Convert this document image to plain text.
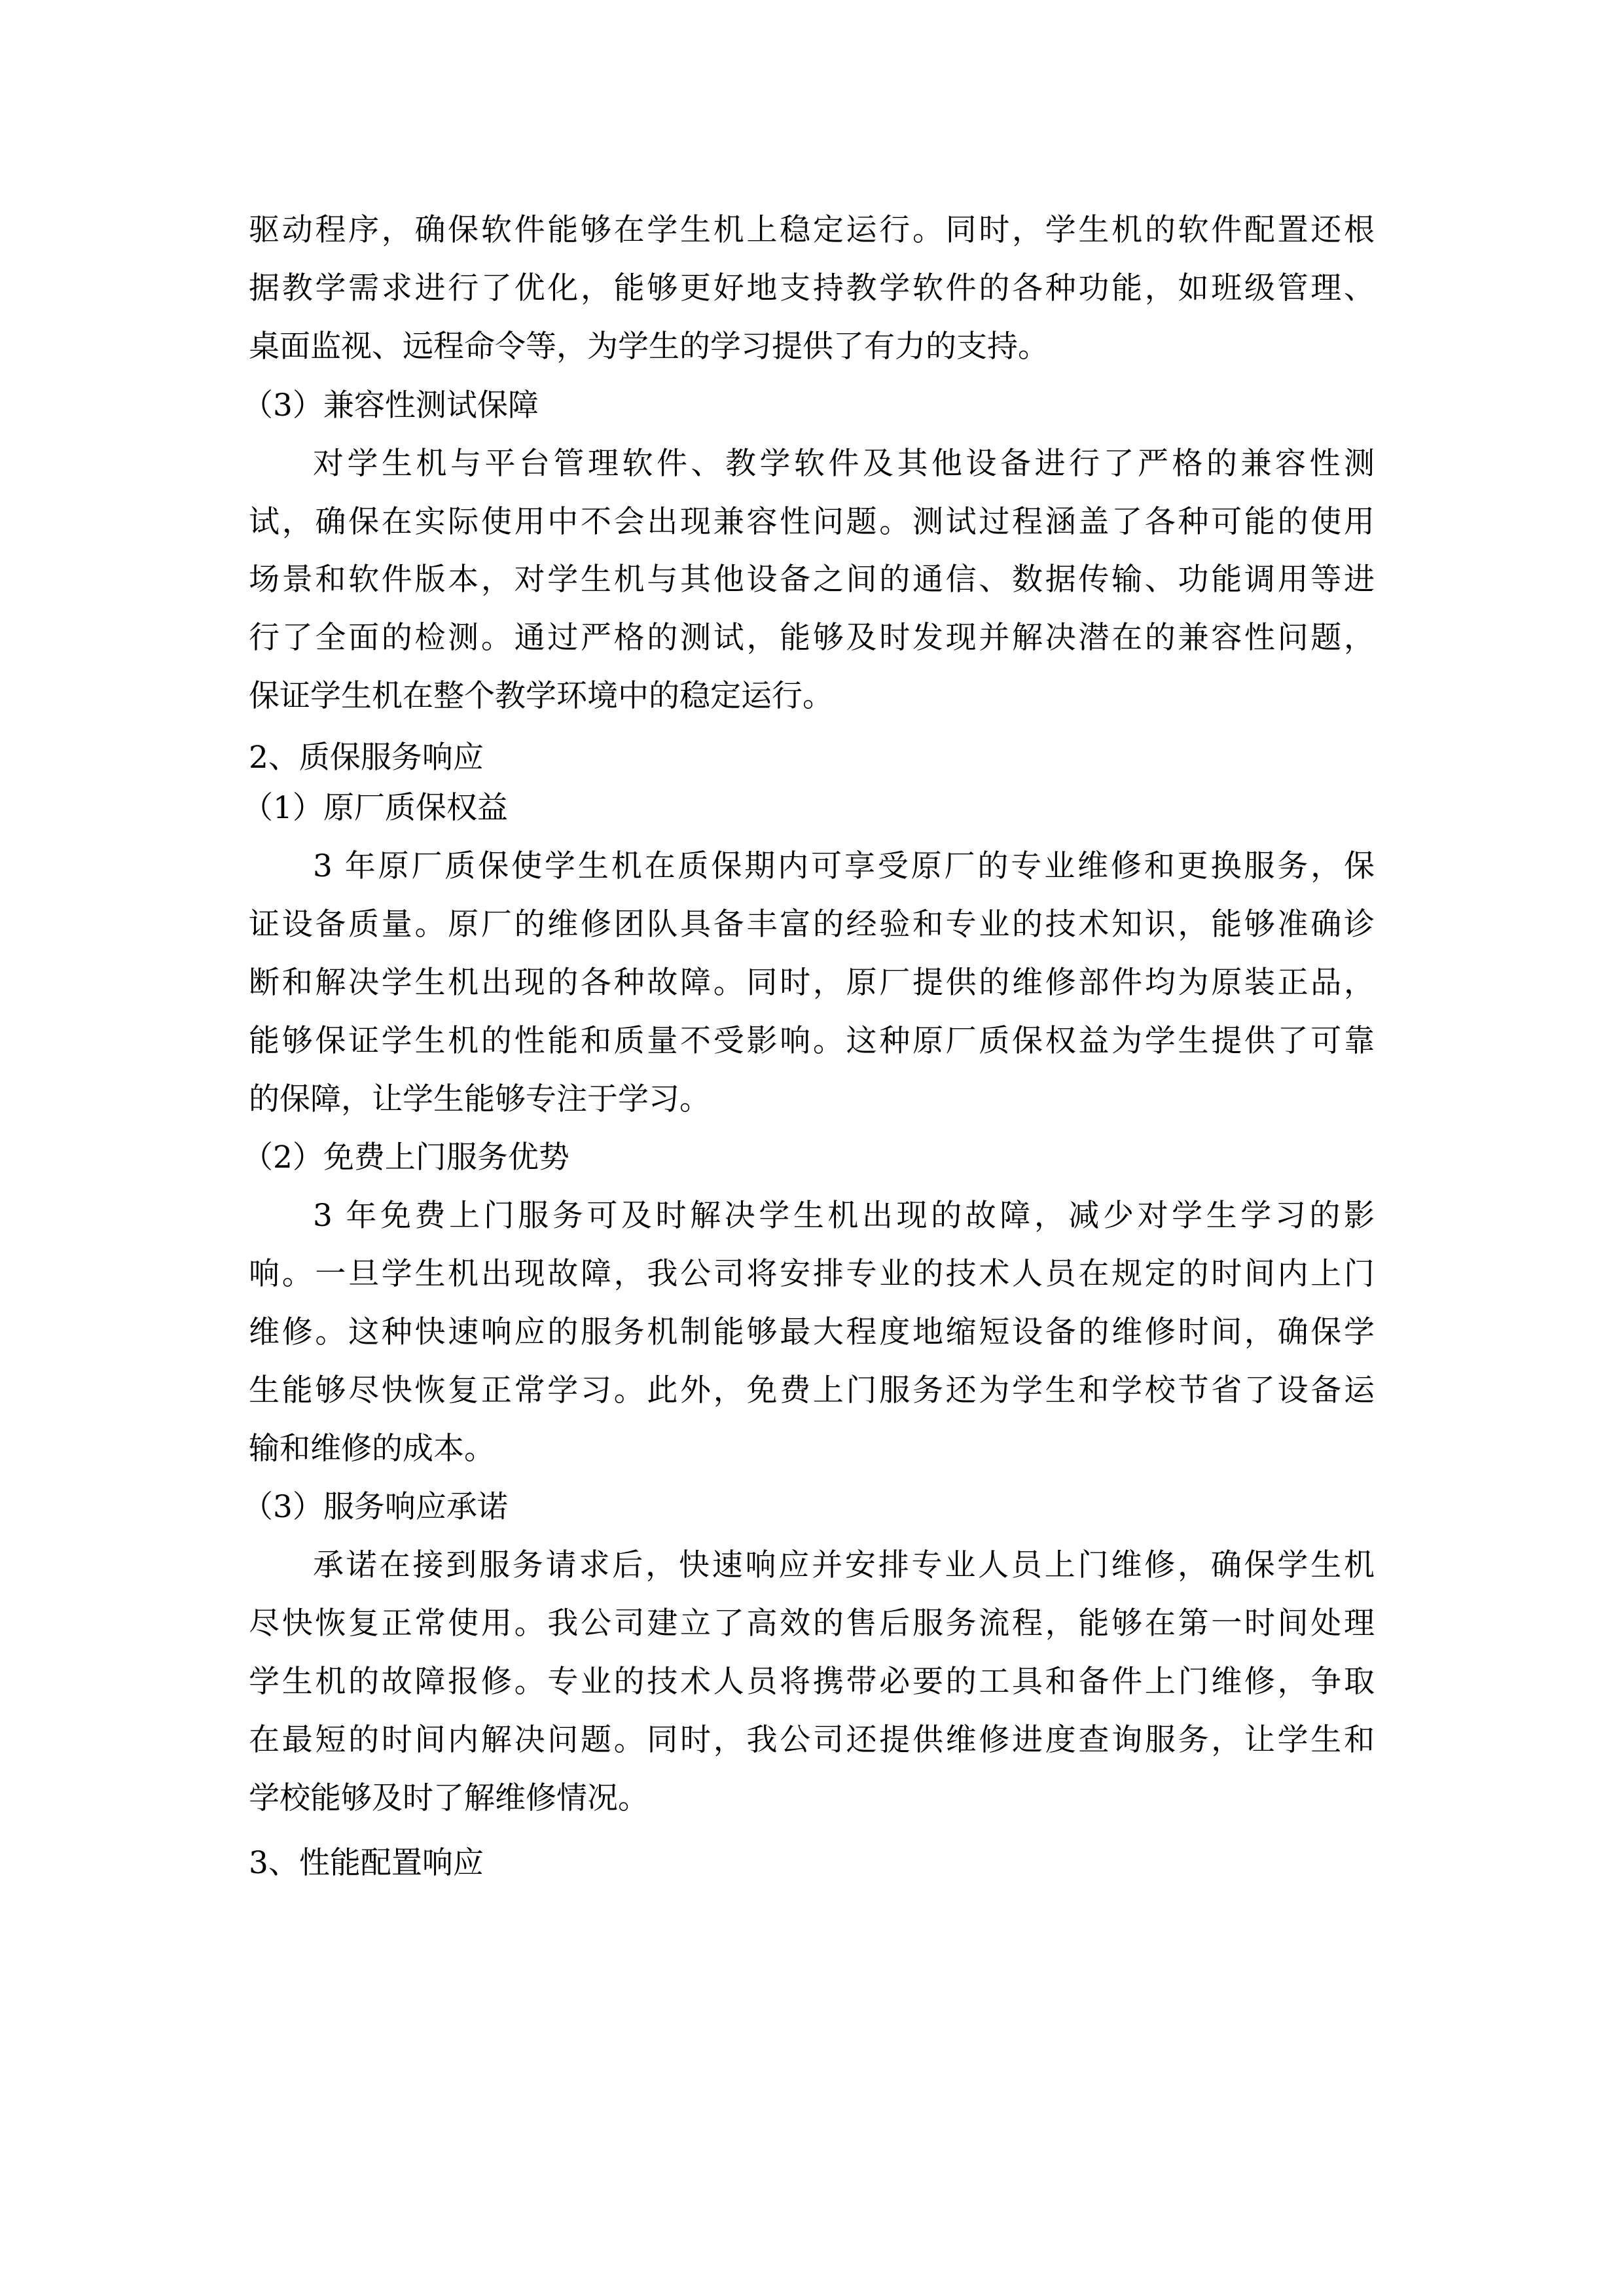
驱动程序，确保软件能够在学生机上稳定运行。同时，学生机的软件配置还根
据教学需求进行了优化，能够更好地支持教学软件的各种功能，如班级管理、
桌面监视、远程命令等，为学生的学习提供了有力的支持。
（3）兼容性测试保障
对学生机与平台管理软件、教学软件及其他设备进行了严格的兼容性测
试，确保在实际使用中不会出现兼容性问题。测试过程涵盖了各种可能的使用
场景和软件版本，对学生机与其他设备之间的通信、数据传输、功能调用等进
行了全面的检测。通过严格的测试，能够及时发现并解决潜在的兼容性问题，
保证学生机在整个教学环境中的稳定运行。
2、质保服务响应
（1）原厂质保权益
3 年原厂质保使学生机在质保期内可享受原厂的专业维修和更换服务，保
证设备质量。原厂的维修团队具备丰富的经验和专业的技术知识，能够准确诊
断和解决学生机出现的各种故障。同时，原厂提供的维修部件均为原装正品，
能够保证学生机的性能和质量不受影响。这种原厂质保权益为学生提供了可靠
的保障，让学生能够专注于学习。
（2）免费上门服务优势
3 年免费上门服务可及时解决学生机出现的故障，减少对学生学习的影
响。一旦学生机出现故障，我公司将安排专业的技术人员在规定的时间内上门
维修。这种快速响应的服务机制能够最大程度地缩短设备的维修时间，确保学
生能够尽快恢复正常学习。此外，免费上门服务还为学生和学校节省了设备运
输和维修的成本。
（3）服务响应承诺
承诺在接到服务请求后，快速响应并安排专业人员上门维修，确保学生机
尽快恢复正常使用。我公司建立了高效的售后服务流程，能够在第一时间处理
学生机的故障报修。专业的技术人员将携带必要的工具和备件上门维修，争取
在最短的时间内解决问题。同时，我公司还提供维修进度查询服务，让学生和
学校能够及时了解维修情况。
3、性能配置响应
